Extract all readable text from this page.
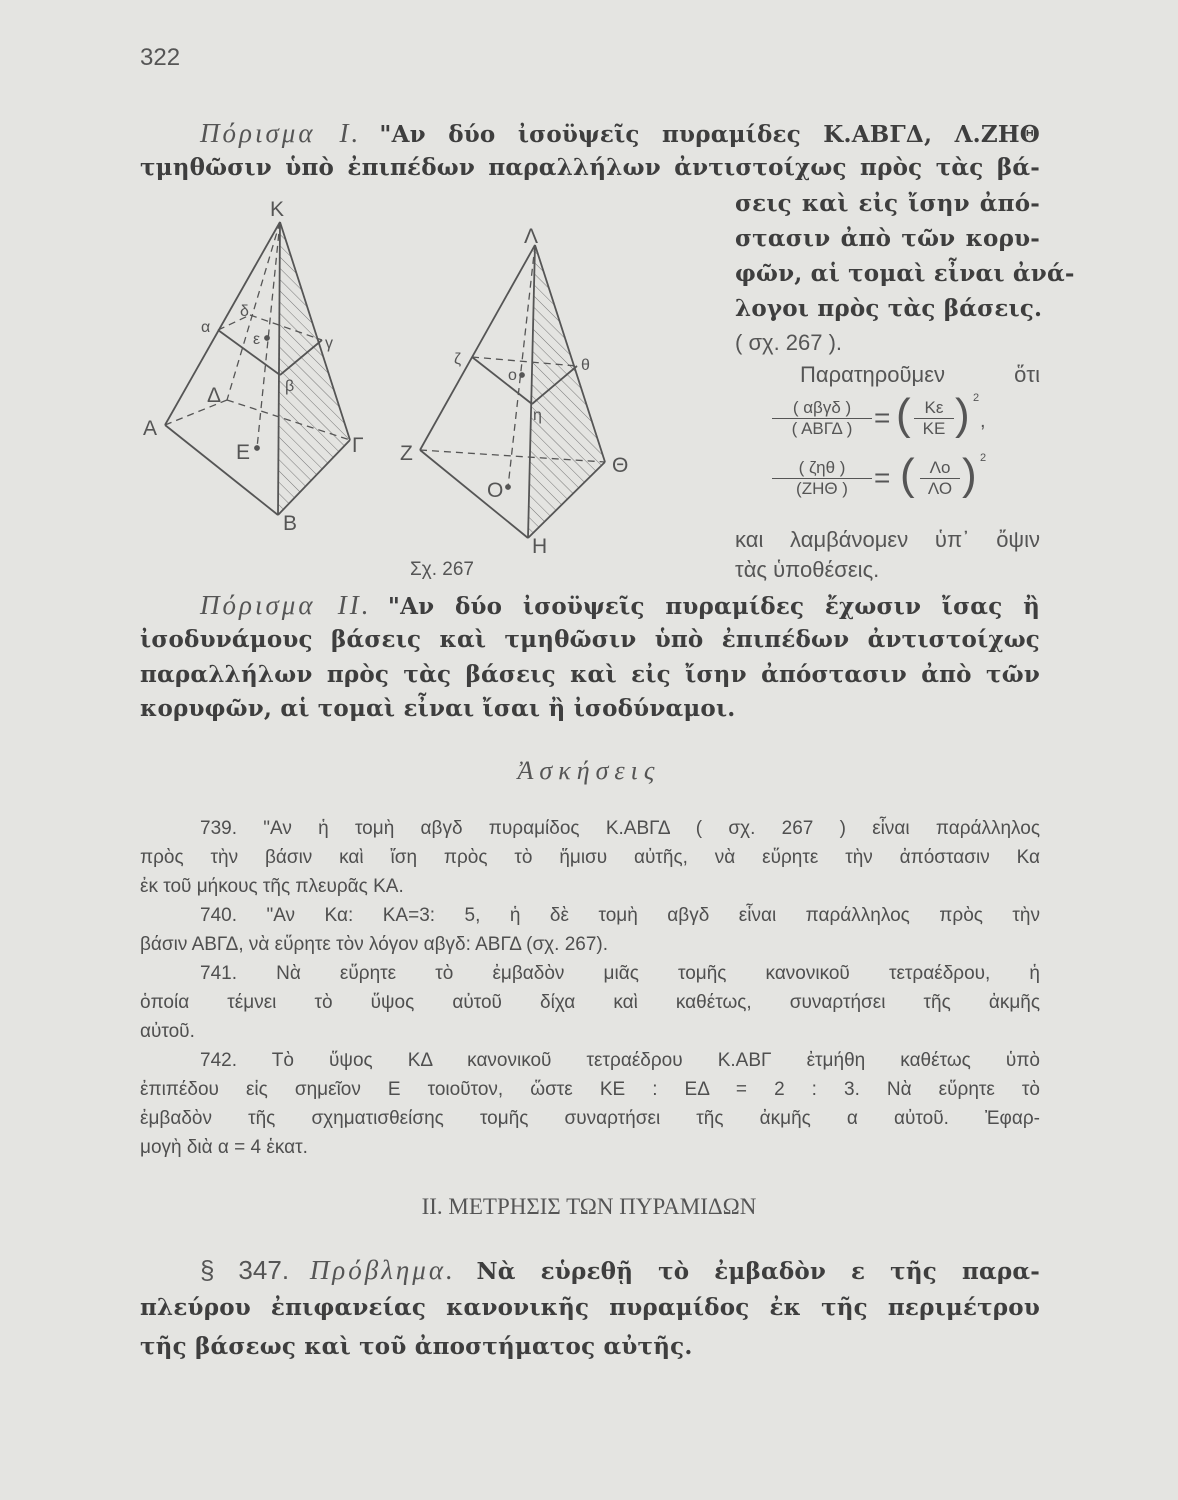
322
Πόρισμα Ι. "Αν δύο ἰσοϋψεῖς πυραμίδες Κ.ΑΒΓΔ, Λ.ΖΗΘ
τμηθῶσιν ὑπὸ ἐπιπέδων παραλλήλων ἀντιστοίχως πρὸς τὰς βά-
σεις καὶ εἰς ἴσην ἀπό-
στασιν ἀπὸ τῶν κορυ-
φῶν, αἱ τομαὶ εἶναι ἀνά-
λογοι πρὸς τὰς βάσεις.
( σχ. 267 ).
Παρατηροῦμεν ὅτι
( αβγδ )
( ΑΒΓΔ ) = ( $\frac{K\varepsilon}{KE}$ ) 2
,
( ζηθ )
(ΖΗΘ ) = ( $\frac{\Lambda o}{\Lambda O}$ ) 2
και λαμβάνομεν ὑπ᾽ ὄψιν
τὰς ὑποθέσεις.
Κ
Α
Β
Γ
Δ
Ε
Λ
Ζ
Η
Θ
Ο
α
β
γ
δ
ε
ζ
η
θ
ο
Σχ. 267
Πόρισμα ΙΙ. "Αν δύο ἰσοϋψεῖς πυραμίδες ἔχωσιν ἴσας ἢ
ἰσοδυνάμους βάσεις καὶ τμηθῶσιν ὑπὸ ἐπιπέδων ἀντιστοίχως
παραλλήλων πρὸς τὰς βάσεις καὶ εἰς ἴσην ἀπόστασιν ἀπὸ τῶν
κορυφῶν, αἱ τομαὶ εἶναι ἴσαι ἢ ἰσοδύναμοι.
Ἀσκήσεις
739. "Αν ἡ τομὴ αβγδ πυραμίδος Κ.ΑΒΓΔ ( σχ. 267 ) εἶναι παράλληλος
πρὸς τὴν βάσιν καὶ ἴση πρὸς τὸ ἥμισυ αὐτῆς, νὰ εὕρητε τὴν ἀπόστασιν Κα
ἐκ τοῦ μήκους τῆς πλευρᾶς ΚΑ.
740. "Αν Κα: ΚΑ=3: 5, ἡ δὲ τομὴ αβγδ εἶναι παράλληλος πρὸς τὴν
βάσιν ΑΒΓΔ, νὰ εὕρητε τὸν λόγον αβγδ: ΑΒΓΔ (σχ. 267).
741. Νὰ εὕρητε τὸ ἐμβαδὸν μιᾶς τομῆς κανονικοῦ τετραέδρου, ἡ
ὁποία τέμνει τὸ ὕψος αὐτοῦ δίχα καὶ καθέτως, συναρτήσει τῆς ἀκμῆς
αὐτοῦ.
742. Τὸ ὕψος ΚΔ κανονικοῦ τετραέδρου Κ.ΑΒΓ ἐτμήθη καθέτως ὑπὸ
ἐπιπέδου εἰς σημεῖον Ε τοιοῦτον, ὥστε ΚΕ : ΕΔ = 2 : 3. Νὰ εὕρητε τὸ
ἐμβαδὸν τῆς σχηματισθείσης τομῆς συναρτήσει τῆς ἀκμῆς α αὐτοῦ. Ἐφαρ-
μογὴ διὰ α = 4 ἑκατ.
ΙΙ. ΜΕΤΡΗΣΙΣ ΤΩΝ ΠΥΡΑΜΙΔΩΝ
§ 347. Πρόβλημα. Νὰ εὑρεθῇ τὸ ἐμβαδὸν ε τῆς παρα-
πλεύρου ἐπιφανείας κανονικῆς πυραμίδος ἐκ τῆς περιμέτρου
τῆς βάσεως καὶ τοῦ ἀποστήματος αὐτῆς.
